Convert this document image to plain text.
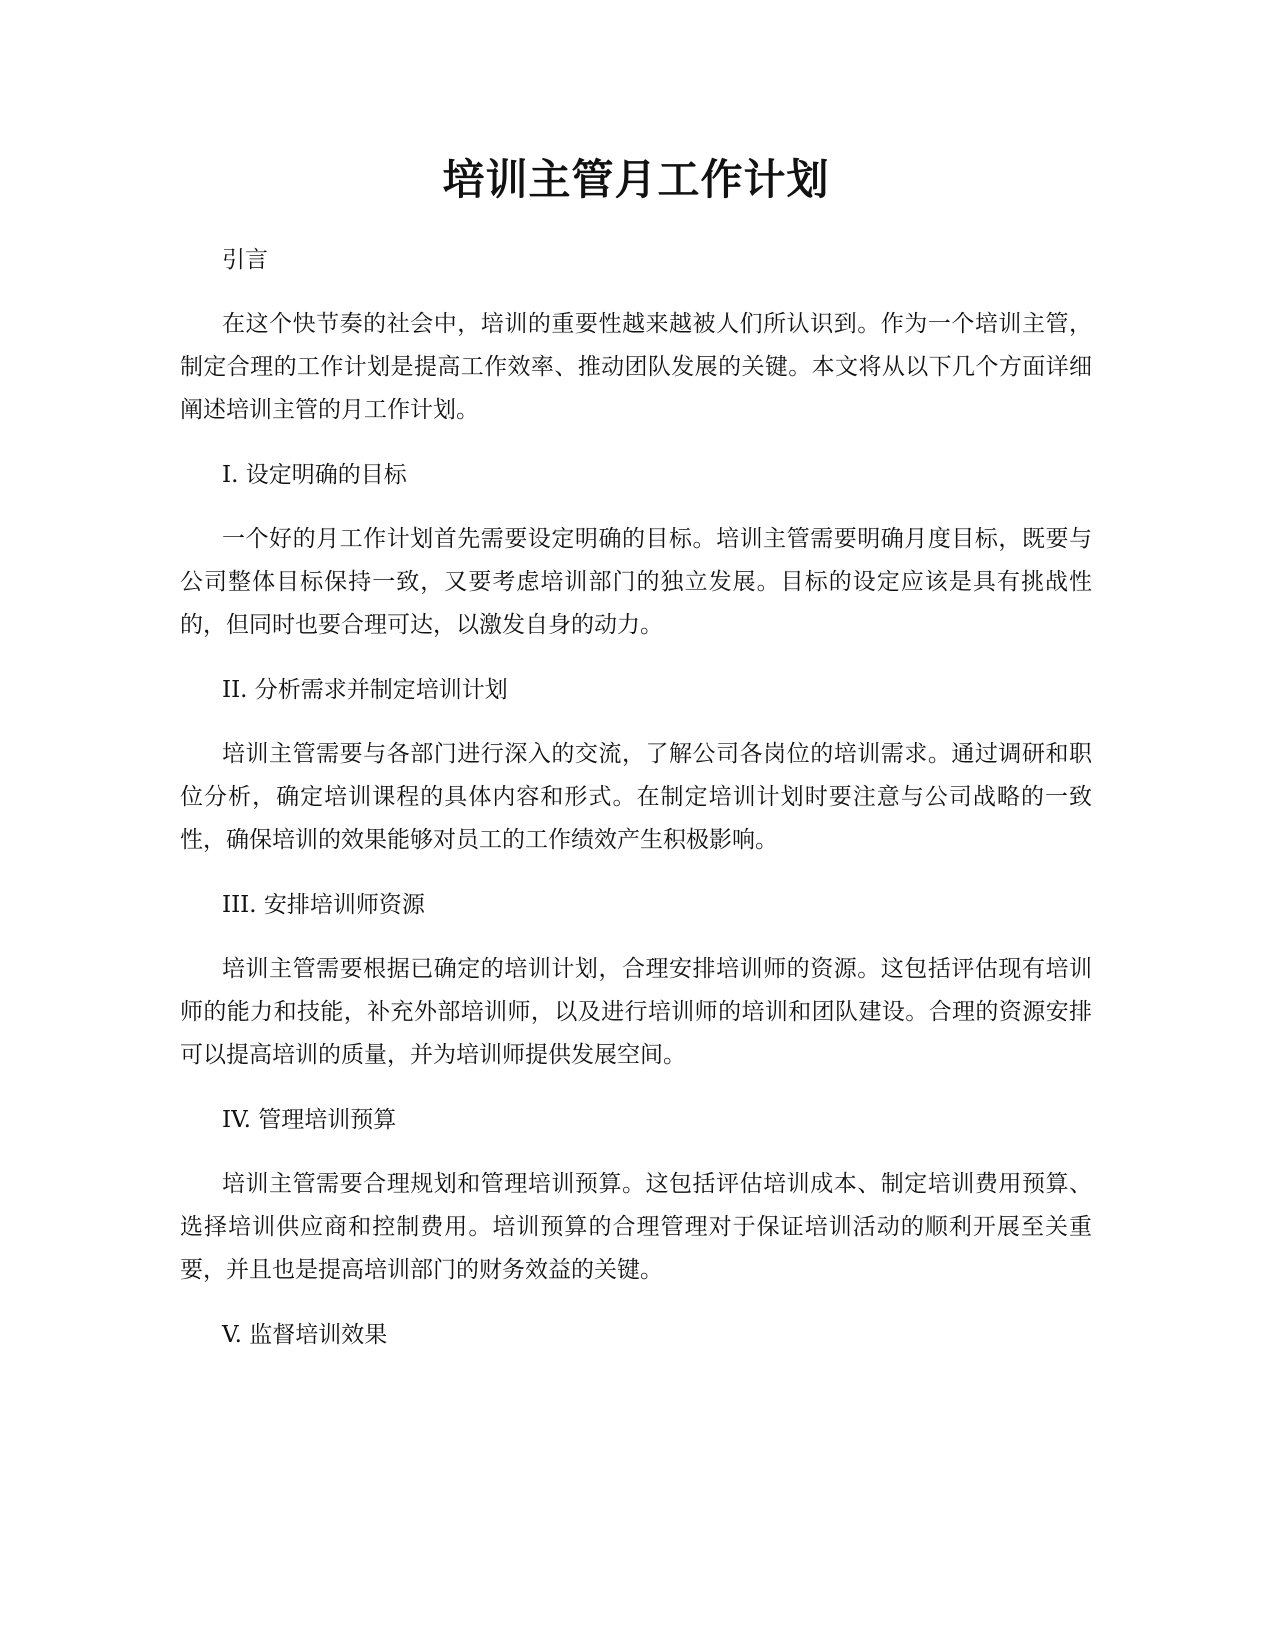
培训主管月工作计划

引言

在这个快节奏的社会中，培训的重要性越来越被人们所认识到。作为一个培训主管，制定合理的工作计划是提高工作效率、推动团队发展的关键。本文将从以下几个方面详细阐述培训主管的月工作计划。

I. 设定明确的目标

一个好的月工作计划首先需要设定明确的目标。培训主管需要明确月度目标，既要与公司整体目标保持一致，又要考虑培训部门的独立发展。目标的设定应该是具有挑战性的，但同时也要合理可达，以激发自身的动力。

II. 分析需求并制定培训计划

培训主管需要与各部门进行深入的交流，了解公司各岗位的培训需求。通过调研和职位分析，确定培训课程的具体内容和形式。在制定培训计划时要注意与公司战略的一致性，确保培训的效果能够对员工的工作绩效产生积极影响。

III. 安排培训师资源

培训主管需要根据已确定的培训计划，合理安排培训师的资源。这包括评估现有培训师的能力和技能，补充外部培训师，以及进行培训师的培训和团队建设。合理的资源安排可以提高培训的质量，并为培训师提供发展空间。

IV. 管理培训预算

培训主管需要合理规划和管理培训预算。这包括评估培训成本、制定培训费用预算、选择培训供应商和控制费用。培训预算的合理管理对于保证培训活动的顺利开展至关重要，并且也是提高培训部门的财务效益的关键。

V. 监督培训效果
